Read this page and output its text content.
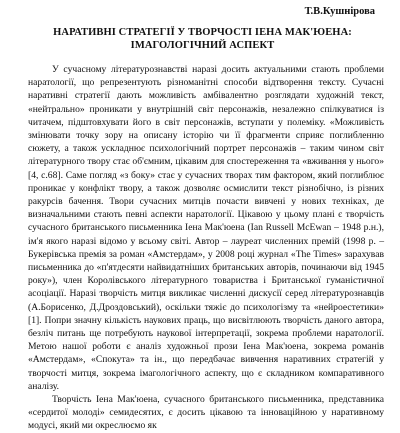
Т.В.Кушнірова
НАРАТИВНІ СТРАТЕГІЇ У ТВОРЧОСТІ ІЕНА МАК'ЮЕНА:
ІМАГОЛОГІЧНИЙ АСПЕКТ

У сучасному літературознавстві наразі досить актуальними стають проблеми наратології, що репрезентують різноманітні способи відтворення тексту. Сучасні наративні стратегії дають можливість амбівалентно розглядати художній текст, «нейтрально» проникати у внутрішній світ персонажів, незалежно спілкуватися із читачем, підштовхувати його в світ персонажів, вступати у полеміку. «Можливість змінювати точку зору на описану історію чи її фрагменти сприяє поглибленню сюжету, а також ускладнює психологічний портрет персонажів – таким чином світ літературного твору стає об'ємним, цікавим для спостереження та «вживання у нього» [4, с.68]. Саме погляд «з боку» стає у сучасних творах тим фактором, який поглиблює проникає у конфлікт твору, а також дозволяє осмислити текст різнобічно, із різних ракурсів бачення. Твори сучасних митців почасти вивчені у нових техніках, де визначальними стають певні аспекти наратології. Цікавою у цьому плані є творчість сучасного британського письменника Іена Мак'юена (Ian Russell McEwan – 1948 р.н.), ім'я якого наразі відомо у всьому світі. Автор – лауреат численних премій (1998 р. – Букерівська премія за роман «Амстердам», у 2008 році журнал «The Times» зарахував письменника до «п'ятдесяти найвидатніших британських авторів, починаючи від 1945 року»), член Королівського літературного товариства і Британської гуманістичної асоціації. Наразі творчість митця викликає численні дискусії серед літературознавців (А.Борисенко, Д.Дроздовський), оскільки тяжіє до психологізму та «нейроестетики» [1]. Попри значну кількість наукових праць, що висвітлюють творчість даного автора, безліч питань ще потребують наукової інтерпретації, зокрема проблеми наратології. Метою нашої роботи є аналіз художньої прози Іена Мак'юена, зокрема романів «Амстердам», «Спокута» та ін., що передбачає вивчення наративних стратегій у творчості митця, зокрема імагологічного аспекту, що є складником компаративного аналізу.

Творчість Іена Мак'юена, сучасного британського письменника, представника «сердитої молоді» семидесятих, є досить цікавою та інноваційною у наративному модусі, який ми окреслюємо як
